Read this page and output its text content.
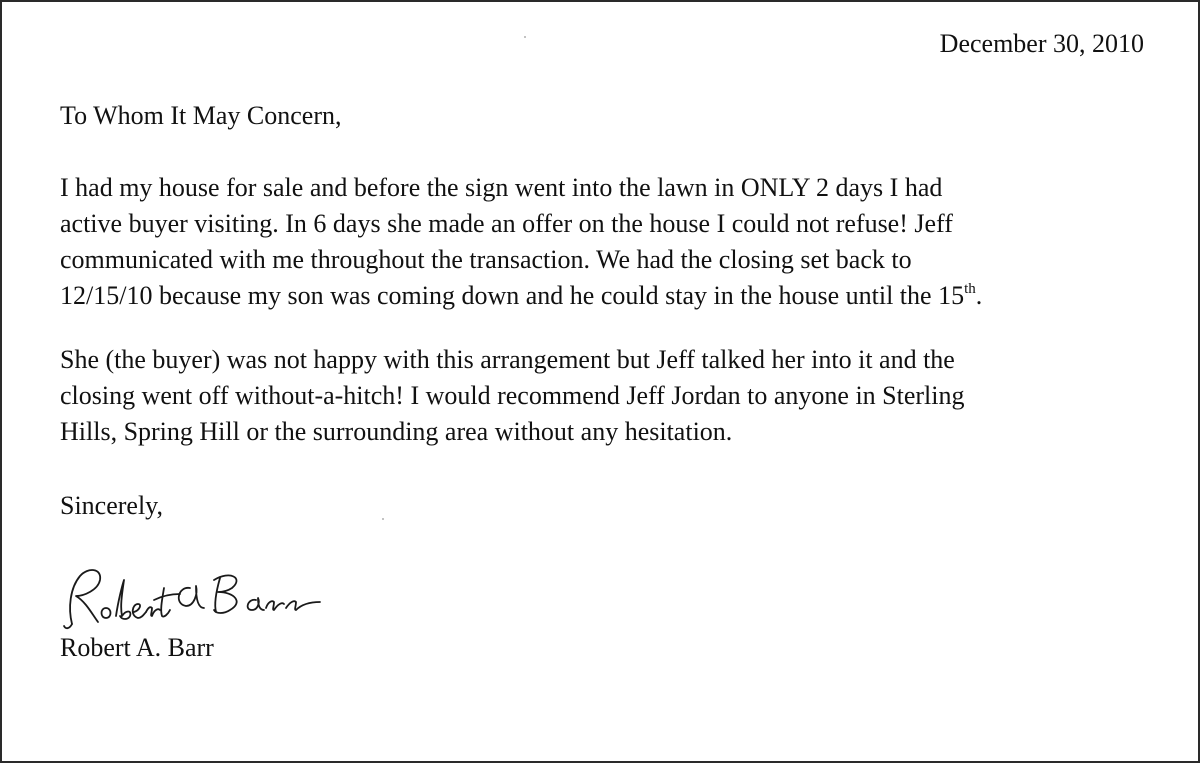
December 30, 2010
To Whom It May Concern,

I had my house for sale and before the sign went into the lawn in ONLY 2 days I had
active buyer visiting. In 6 days she made an offer on the house I could not refuse! Jeff
communicated with me throughout the transaction. We had the closing set back to
12/15/10 because my son was coming down and he could stay in the house until the 15th.

She (the buyer) was not happy with this arrangement but Jeff talked her into it and the
closing went off without-a-hitch! I would recommend Jeff Jordan to anyone in Sterling
Hills, Spring Hill or the surrounding area without any hesitation.

Sincerely,
Robert A. Barr
